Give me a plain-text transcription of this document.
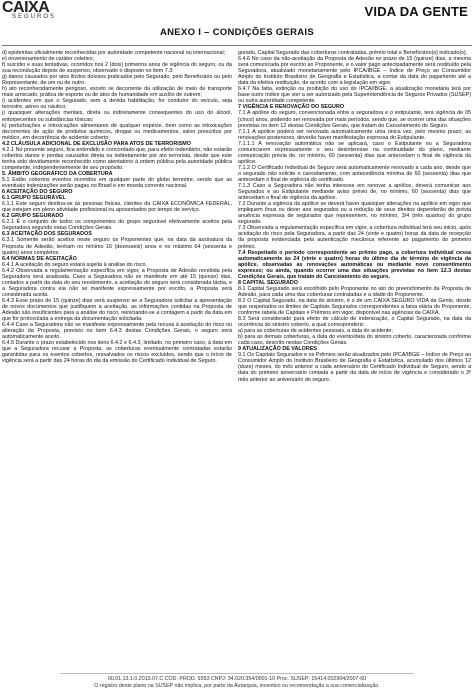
CAIXA
SEGUROS	VIDA DA GENTE
ANEXO I – CONDIÇÕES GERAIS

d) epidemias oficialmente reconhecidas por autoridade competente nacional ou internacional;

e) envenenamento de caráter coletivo;

f) suicídio e suas tentativas, ocorridos nos 2 (dois) primeiros anos de vigência do seguro, ou da sua recondução depois de suspenso, observado o disposto no item 7.3;

g) danos causados por atos ilícitos dolosos praticados pelo Segurado, pelo Beneficiário ou pelo Representante, de um ou de outro.

h) ato reconhecidamente perigoso, exceto se decorrente da utilização de meio de transporte mais arriscado, prática de esporte ou de atos de humanidade em auxílio de outrem;

i) acidentes em que o Segurado, sem a devida habilitação, for condutor do veículo, seja terrestre, aéreo ou náutico;

j) quaisquer alterações mentais, direta ou indiretamente consequentes do uso do álcool, entorpecentes ou substâncias tóxicas;

k) perturbações e intoxicações alimentares de qualquer espécie, bem como as intoxicações decorrentes de ação de produtos químicos, drogas ou medicamentos, salvo prescritos por médico, em decorrência de acidente coberto;

4.2 CLÁUSULA ADICIONAL DE EXCLUSÃO PARA ATOS DE TERRORISMO

4.2.1 No presente seguro, fica entendido e concordado que, para efeito indenitário, não estarão cobertos danos e perdas causados direta ou indiretamente por ato terrorista, desde que este tenha sido devidamente reconhecido como atentatório à ordem pública pela autoridade pública competente, independentemente de seu propósito.

5. ÂMBITO GEOGRÁFICO DA COBERTURA

5.1 Estão cobertos eventos ocorridos em qualquer parte do globo terrestre, sendo que as eventuais indenizações serão pagas no Brasil e em moeda corrente nacional.

6 ACEITAÇÃO DO SEGURO

6.1 GRUPO SEGURÁVEL

6.1.1 Este seguro destina-se às pessoas físicas, clientes da CAIXA ECONÔMICA FEDERAL, que estejam em pleno atividade profissional ou aposentados por tempo de serviço.

6.2 GRUPO SEGURADO

6.2.1 É o conjunto de todos os componentes do grupo segurável efetivamente aceitos pela Seguradora segundo estas Condições Gerais.

6.3 ACEITAÇÃO DOS SEGURADOS

6.3.1 Somente serão aceitos neste seguro os Proponentes que, na data da assinatura da Proposta de Adesão, tenham no mínimo 16 (dezesseis) anos e no máximo 64 (sessenta e quatro) anos completos.

6.4 NORMAS DE ACEITAÇÃO

6.4.1 A aceitação do seguro estará sujeita à análise do risco.

6.4.2 Observada a regulamentação específica em vigor, a Proposta de Adesão recebida pela Seguradora será analisada. Caso a Seguradora não se manifeste em até 15 (quinze) dias, contados a partir da data do seu recebimento, a aceitação do seguro será considerada tácita, e a Seguradora contra ela não se manifeste expressamente por escrito, a Proposta será considerada aceita.

6.4.3 Esse prazo de 15 (quinze) dias será suspenso se a Seguradora solicitar a apresentação de novos documentos que justifiquem a aceitação, as informações contidas na Proposta de Adesão são insuficientes para a análise do risco, reiniciando-se a contagem a partir da data em que for protocolada a entrega da documentação solicitada.

6.4.4 Caso a Seguradora não se manifeste expressamente pela recusa à aceitação do risco ou alteração da Proposta, previsto no item 6.4.3 destas Condições Gerais, o seguro será automaticamente aceito.

6.4.5 Durante o prazo estabelecido nos itens 6.4.2 e 6.4.3, limitado, no primeiro caso, à data em que a Seguradora recusar a Proposta, as coberturas eventualmente contratadas estarão garantidas para os eventos cobertos, ressalvados os riscos excluídos, sendo que o início de vigência será a partir das 24 horas do dia da emissão do Certificado Individual de Seguro.

gurado, Capital Segurado das coberturas contratadas, prêmio total e Beneficiário(s) indicado(s).

6.4.6 No caso da não-aceitação da Proposta de Adesão no prazo de 15 (quinze) dias, a mesma será comunicada por escrito ao Proponente, e o valor pago antecipadamente será restituído pela Seguradora, atualizado monetariamente pelo IPCA/IBGE – Índice de Preço ao Consumidor Amplo do Instituto Brasileiro de Geografia e Estatística, a contar da data do pagamento até a data da efetiva restituição, de acordo com a legislação em vigor.

6.4.7 Na falta, extinção ou proibição do uso do IPCA/IBGE, a atualização monetária terá por base outro índice que vier a ser autorizado pela Superintendência de Seguros Privados (SUSEP) ou outra autoridade competente.

7 VIGÊNCIA E RENOVAÇÃO DO SEGURO

7.1 A apólice do seguro, convencionada entre a seguradora e o estipulante, terá vigência de 05 (cinco) anos, podendo ser renovada por mais períodos, sendo que, se ocorrer uma das situações previstas no item 12 destas Condições Gerais, que tratam do Cancelamento do Seguro.

7.1.1 A apólice poderá ser renovada automaticamente uma única vez, pelo mesmo prazo; as renovações posteriores, deverão haver manifestação expressa do Estipulante.

7.1.1.1 A renovação automática não se aplicará, caso o Estipulante ou a Seguradora comunicarem expressamente o seu desinteresse na continuidade do plano, mediante comunicação prévia de, no mínimo, 60 (sessenta) dias que antecedam o final de vigência da apólice.

7.1.2 O Certificado Individual de Seguro será automaticamente renovado a cada ano, desde que o segurado não solicite o cancelamento, com antecedência mínima de 60 (sessenta) dias que antecedam o final de vigência do certificado.

7.1.3 Caso a Seguradora não tenha interesse em renovar a apólice, deverá comunicar aos Segurados e ao Estipulante mediante aviso prévio de, no mínimo, 60 (sessenta) dias que antecedam o final de vigência da apólice.

7.2 Durante a vigência da apólice se deverá haver quaisquer alterações na apólice em vigor que impliquem ônus ou dever aos segurados ou a redução de seus direitos dependerão de prévia anuência expressa de segurados que representem, no mínimo, 3/4 (três quartos) do grupo segurado.

7.3 Observada a regulamentação específica em vigor, a cobertura individual terá seu início, após aceitação do risco pela Seguradora, a partir das 24 (vinte e quatro) horas da data de recepção da proposta evidenciada pela autenticação mecânica referente ao pagamento do primeiro prêmio.

7.4 Respeitado o período correspondente ao prêmio pago, a cobertura individual cessa automaticamente às 24 (vinte e quatro) horas do último dia de término de vigência da apólice, observadas as renovações automáticas ou mediante novo consentimento expresso; ou ainda, quando ocorrer uma das situações previstas no item 12.3 destas Condições Gerais, que tratam do Cancelamento do seguro.

8 CAPITAL SEGURADO

8.1 Capital Segurado será escolhido pelo Proponente no ato do preenchimento da Proposta de Adesão, para cada uma das coberturas contratadas e a idade do Proponente.

8.2 O Capital Segurado, na data do sinistro, é o de um CAIXA SEGURO VIDA da Gente, desde que respeitados os limites de Capitais Segurados correspondentes a faixa etária do Proponente, conforme tabela de Capitais e Prêmios em vigor, disponível nas agências da CAIXA.

8.3 Será considerado para efeito de cálculo de indenização, o Capital Segurado, na data da ocorrência do sinistro coberto, a qual corresponderá:

a) para as coberturas de acidentes pessoais, a data do acidente;

b) para as demais coberturas, a data do evento/data do sinistro coberto, caracterizada conforme cada caso, descrito nestas Condições Gerais.

9 ATUALIZAÇÃO DE VALORES

9.1 Os Capitais Segurados e os Prêmios serão atualizados pelo IPCA/IBGE – Índice de Preço ao Consumidor Amplo do Instituto Brasileiro de Geografia e Estatística, acumulado dos últimos 12 (doze) meses, do mês anterior a cada aniversário do Certificado Individual de Seguro, sendo a data do primeiro aniversário contada a partir da data de início de vigência e considerado o 3º mês anterior ao aniversário do seguro.

00.01.13.1.0.2013.07.C COD. PROD. 9353 CNPJ: 34.020.354/0001-10 Proc. SUSEP: 15414.002904/2007-60
O registro deste plano na SUSEP não implica, por parte da Autarquia, incentivo ou recomendação a sua comercialização.
